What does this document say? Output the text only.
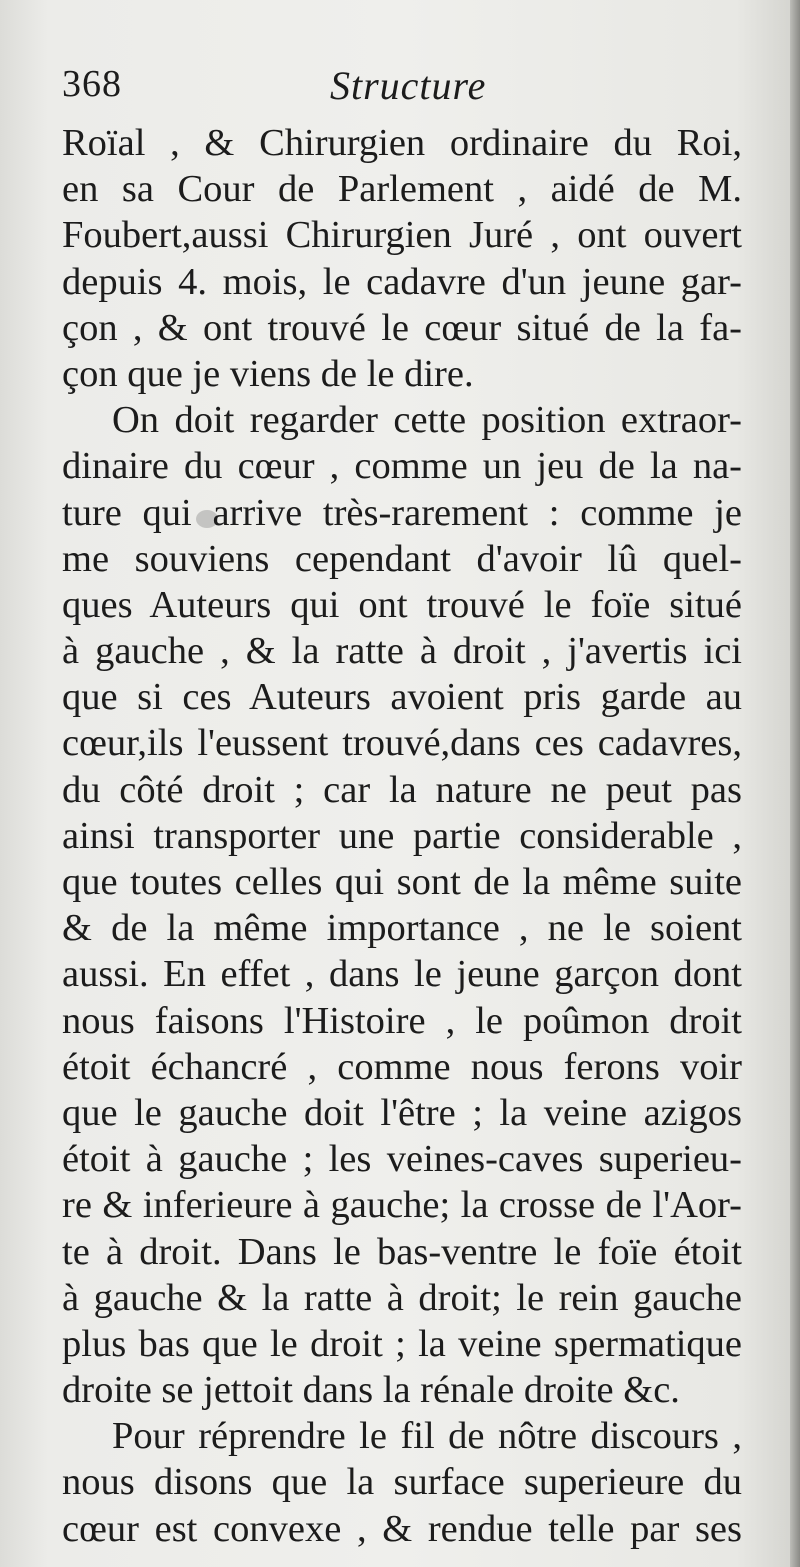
368	Structure
Roïal , & Chirurgien ordinaire du Roi,
en sa Cour de Parlement , aidé de M.
Foubert,aussi Chirurgien Juré , ont ouvert
depuis 4. mois, le cadavre d'un jeune gar-
çon , & ont trouvé le cœur situé de la fa-
çon que je viens de le dire.
On doit regarder cette position extraor-
dinaire du cœur , comme un jeu de la na-
ture qui arrive très-rarement : comme je
me souviens cependant d'avoir lû quel-
ques Auteurs qui ont trouvé le foïe situé
à gauche , & la ratte à droit , j'avertis ici
que si ces Auteurs avoient pris garde au
cœur,ils l'eussent trouvé,dans ces cadavres,
du côté droit ; car la nature ne peut pas
ainsi transporter une partie considerable ,
que toutes celles qui sont de la même suite
& de la même importance , ne le soient
aussi. En effet , dans le jeune garçon dont
nous faisons l'Histoire , le poûmon droit
étoit échancré , comme nous ferons voir
que le gauche doit l'être ; la veine azigos
étoit à gauche ; les veines-caves superieu-
re & inferieure à gauche; la crosse de l'Aor-
te à droit. Dans le bas-ventre le foïe étoit
à gauche & la ratte à droit; le rein gauche
plus bas que le droit ; la veine spermatique
droite se jettoit dans la rénale droite &c.
Pour réprendre le fil de nôtre discours ,
nous disons que la surface superieure du
cœur est convexe , & rendue telle par ses
